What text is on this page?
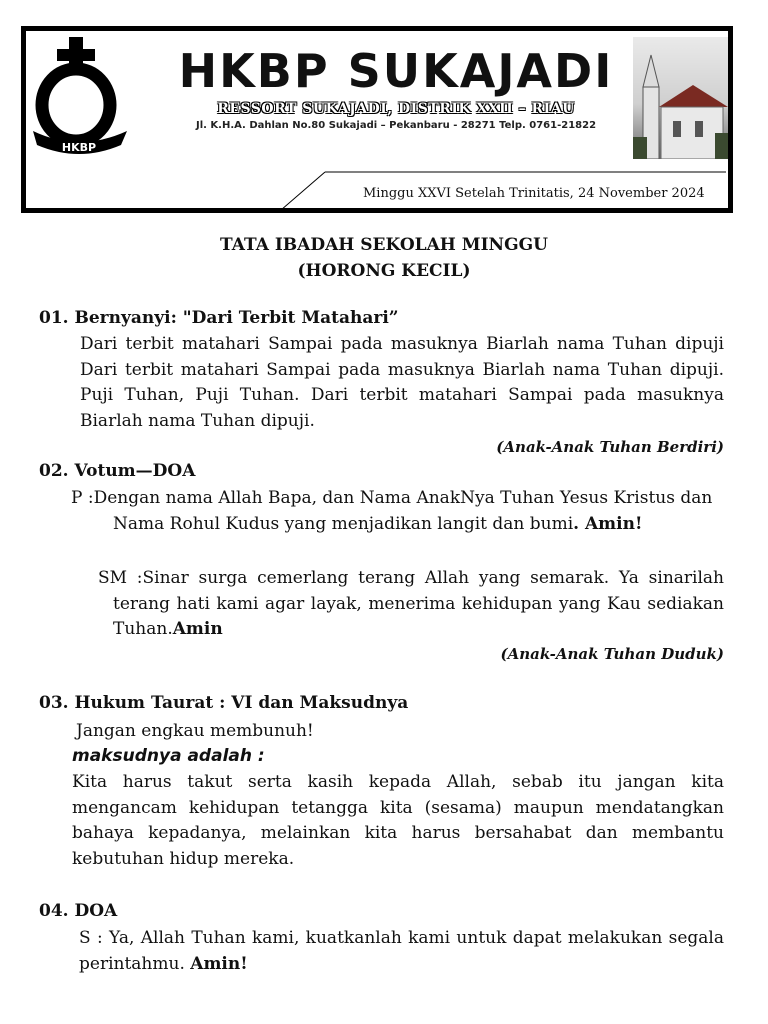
HKBP
HKBP SUKAJADI
RESSORT SUKAJADI, DISTRIK XXII – RIAU
Jl. K.H.A. Dahlan No.80 Sukajadi – Pekanbaru - 28271 Telp. 0761-21822
Minggu XXVI Setelah Trinitatis, 24 November 2024
TATA IBADAH SEKOLAH MINGGU
(HORONG KECIL)
01. Bernyanyi: "Dari Terbit Matahari”
Dari terbit matahari Sampai pada masuknya Biarlah nama Tuhan dipuji Dari terbit matahari Sampai pada masuknya Biarlah nama Tuhan dipuji. Puji Tuhan, Puji Tuhan. Dari terbit matahari Sampai pada masuknya Biarlah nama Tuhan dipuji.
(Anak-Anak Tuhan Berdiri)
02. Votum—DOA
P :Dengan nama Allah Bapa, dan Nama AnakNya Tuhan Yesus Kristus dan Nama Rohul Kudus yang menjadikan langit dan bumi. Amin!
SM :Sinar surga cemerlang terang Allah yang semarak. Ya sinarilah terang hati kami agar layak, menerima kehidupan yang Kau sediakan Tuhan.Amin
(Anak-Anak Tuhan Duduk)
03. Hukum Taurat : VI dan Maksudnya
Jangan engkau membunuh!
maksudnya adalah :
Kita harus takut serta kasih kepada Allah, sebab itu jangan kita mengancam kehidupan tetangga kita (sesama) maupun mendatangkan bahaya kepadanya, melainkan kita harus bersahabat dan membantu kebutuhan hidup mereka.
04. DOA
S : Ya, Allah Tuhan kami, kuatkanlah kami untuk dapat melakukan segala perintahmu. Amin!
